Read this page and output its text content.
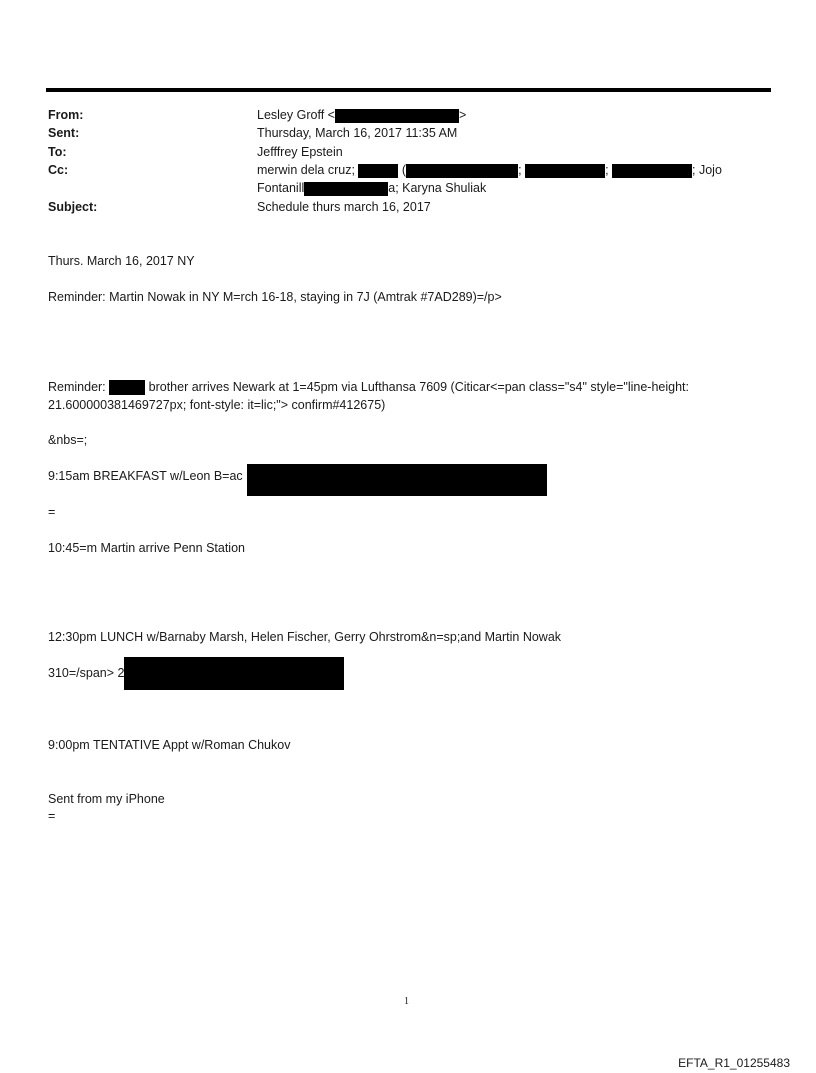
From:	Lesley Groff <	>
Sent:	Thursday, March 16, 2017 11:35 AM
To:	Jefffrey Epstein
Cc:	merwin dela cruz;	(	;	;	; Jojo
Fontanill	a; Karyna Shuliak
Subject:	Schedule thurs march 16, 2017
Thurs. March 16, 2017 NY
Reminder: Martin Nowak in NY M=rch 16-18, staying in 7J (Amtrak #7AD289)=/p>
Reminder:	brother arrives Newark at 1=45pm via Lufthansa 7609 (Citicar<=pan class="s4" style="line-height: 21.600000381469727px; font-style: it=lic;"> confirm#412675)
&nbs=;
9:15am BREAKFAST w/Leon B=ac
=
10:45=m Martin arrive Penn Station
12:30pm LUNCH w/Barnaby Marsh, Helen Fischer, Gerry Ohrstrom&n=sp;and Martin Nowak
310=/span> 2
9:00pm TENTATIVE Appt w/Roman Chukov
Sent from my iPhone
=
1
EFTA_R1_01255483
